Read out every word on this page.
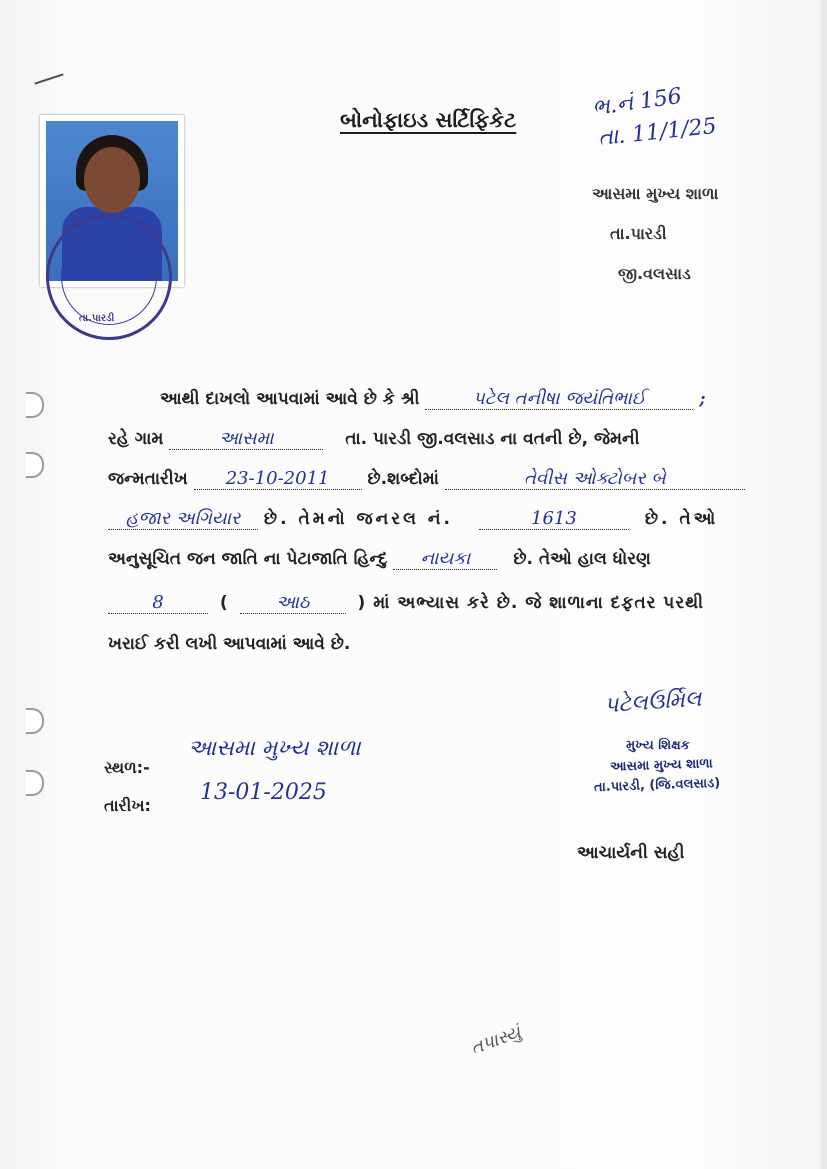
બોનોફાઇડ સર્ટિફિકેટ	ભ.નં 156
તા. 11/1/25
આસમા મુખ્ય શાળા
તા.પારડી
જી.વલસાડ
તા.પારડી
આથી દાખલો આપવામાં આવે છે કે શ્રી	પટેલ તનીષા જયંતિભાઈ	;
રહે ગામ	આસમા	તા. પારડી જી.વલસાડ ના વતની છે, જેમની
જન્મતારીખ 23-10-2011 છે.શબ્દોમાં	તેવીસ ઓક્ટોબર બે
હજાર અગિયાર છે. તેમનો જનરલ નં.	1613	છે. તેઓ
અનુસૂચિત જન જાતિ ના પેટાજાતિ હિન્દુ નાયકા	છે. તેઓ હાલ ધોરણ
8	(	આઠ	) માં અભ્યાસ કરે છે. જે શાળાના દફતર પરથી
ખરાઈ કરી લખી આપવામાં આવે છે.
પટેલઉર્મિલ
મુખ્ય શિક્ષક
આસમા મુખ્ય શાળા
તા.પારડી, (જિ.વલસાડ)
સ્થળ:-
આસમા મુખ્ય શાળા
તારીખ:
13-01-2025
આચાર્યની સહી
તપાસ્યું
